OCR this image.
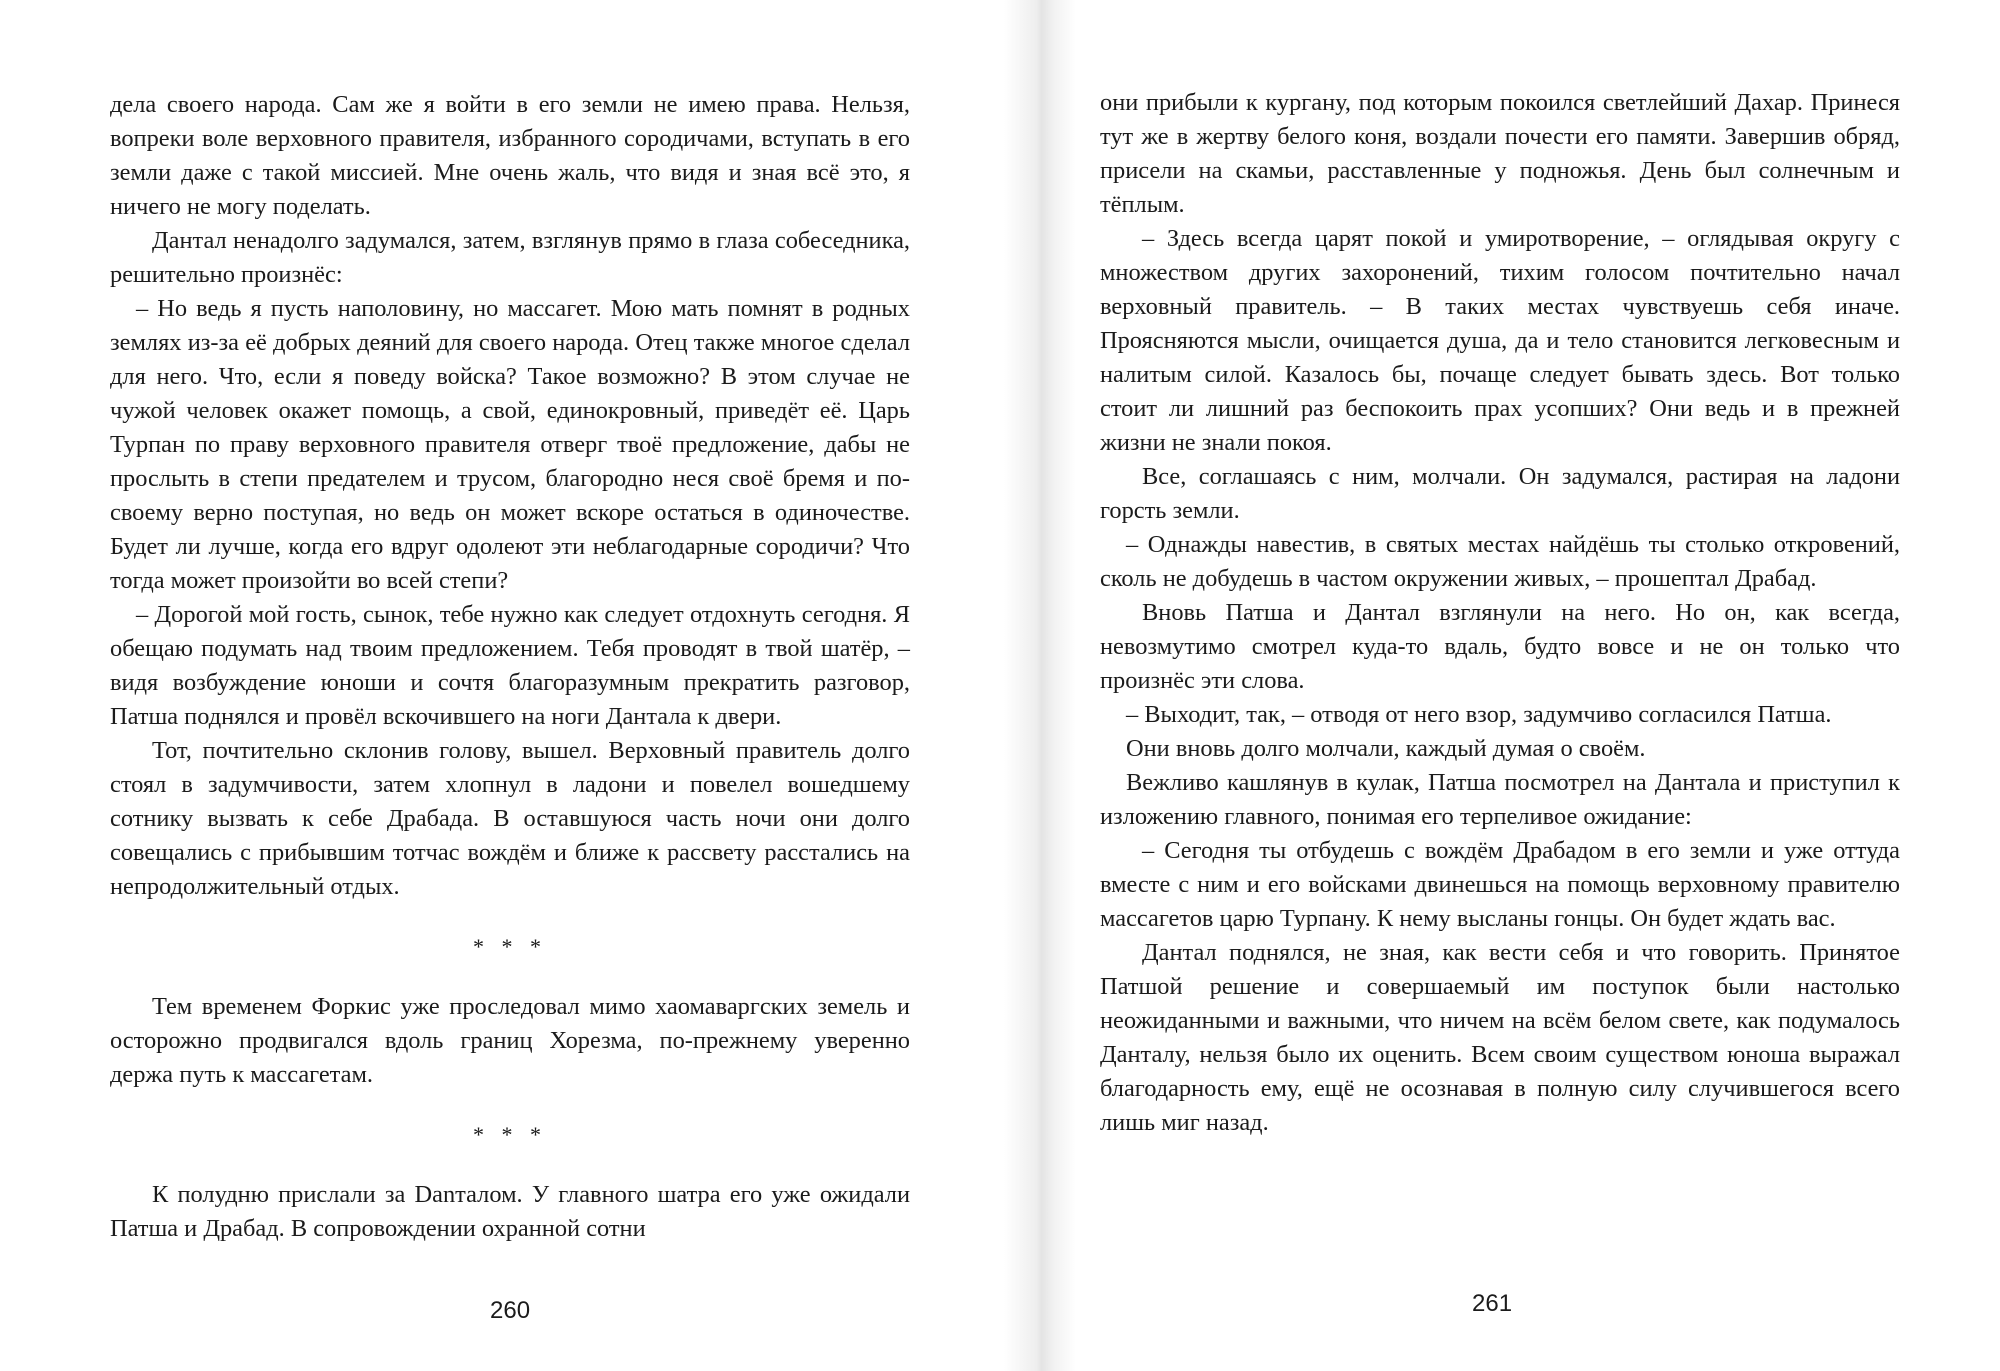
дела своего народа. Сам же я войти в его земли не имею права. Нельзя, вопреки воле верховного правителя, избранного сородичами, вступать в его земли даже с такой миссией. Мне очень жаль, что видя и зная всё это, я ничего не могу поделать.

Дантал ненадолго задумался, затем, взглянув прямо в глаза собеседника, решительно произнёс:

– Но ведь я пусть наполовину, но массагет. Мою мать помнят в родных землях из-за её добрых деяний для своего народа. Отец также многое сделал для него. Что, если я поведу войска? Такое возможно? В этом случае не чужой человек окажет помощь, а свой, единокровный, приведёт её. Царь Турпан по праву верховного правителя отверг твоё предложение, дабы не прослыть в степи предателем и трусом, благородно неся своё бремя и по-своему верно поступая, но ведь он может вскоре остаться в одиночестве. Будет ли лучше, когда его вдруг одолеют эти неблагодарные сородичи? Что тогда может произойти во всей степи?

– Дорогой мой гость, сынок, тебе нужно как следует отдохнуть сегодня. Я обещаю подумать над твоим предложением. Тебя проводят в твой шатёр, – видя возбуждение юноши и сочтя благоразумным прекратить разговор, Патша поднялся и провёл вскочившего на ноги Дантала к двери.

Тот, почтительно склонив голову, вышел. Верховный правитель долго стоял в задумчивости, затем хлопнул в ладони и повелел вошедшему сотнику вызвать к себе Драбада. В оставшуюся часть ночи они долго совещались с прибывшим тотчас вождём и ближе к рассвету расстались на непродолжительный отдых.

* * *

Тем временем Форкис уже проследовал мимо хаомаваргских земель и осторожно продвигался вдоль границ Хорезма, по-прежнему уверенно держа путь к массагетам.

* * *

К полудню прислали за Danталом. У главного шатра его уже ожидали Патша и Драбад. В сопровождении охранной сотни

260

они прибыли к кургану, под которым покоился светлейший Дахар. Принеся тут же в жертву белого коня, воздали почести его памяти. Завершив обряд, присели на скамьи, расставленные у подножья. День был солнечным и тёплым.

– Здесь всегда царят покой и умиротворение, – оглядывая округу с множеством других захоронений, тихим голосом почтительно начал верховный правитель. – В таких местах чувствуешь себя иначе. Проясняются мысли, очищается душа, да и тело становится легковесным и налитым силой. Казалось бы, почаще следует бывать здесь. Вот только стоит ли лишний раз беспокоить прах усопших? Они ведь и в прежней жизни не знали покоя.

Все, соглашаясь с ним, молчали. Он задумался, растирая на ладони горсть земли.

– Однажды навестив, в святых местах найдёшь ты столько откровений, сколь не добудешь в частом окружении живых, – прошептал Драбад.

Вновь Патша и Дантал взглянули на него. Но он, как всегда, невозмутимо смотрел куда-то вдаль, будто вовсе и не он только что произнёс эти слова.

– Выходит, так, – отводя от него взор, задумчиво согласился Патша.

Они вновь долго молчали, каждый думая о своём.

Вежливо кашлянув в кулак, Патша посмотрел на Дантала и приступил к изложению главного, понимая его терпеливое ожидание:

– Сегодня ты отбудешь с вождём Драбадом в его земли и уже оттуда вместе с ним и его войсками двинешься на помощь верховному правителю массагетов царю Турпану. К нему высланы гонцы. Он будет ждать вас.

Дантал поднялся, не зная, как вести себя и что говорить. Принятое Патшой решение и совершаемый им поступок были настолько неожиданными и важными, что ничем на всём белом свете, как подумалось Данталу, нельзя было их оценить. Всем своим существом юноша выражал благодарность ему, ещё не осознавая в полную силу случившегося всего лишь миг назад.

261
